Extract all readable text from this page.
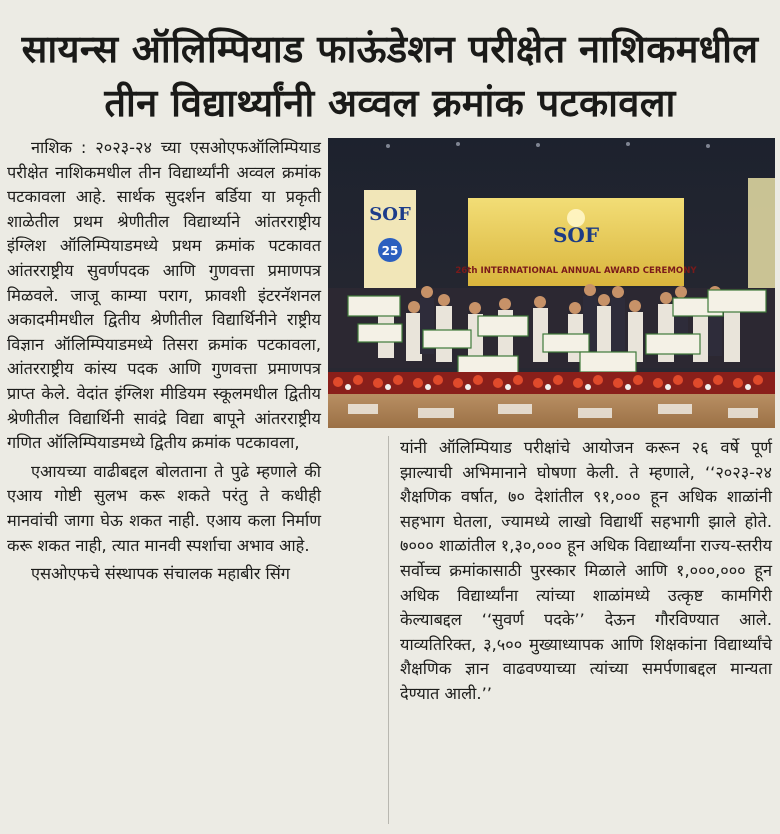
सायन्स ऑलिम्पियाड फाऊंडेशन परीक्षेत नाशिकमधील
तीन विद्यार्थ्यांनी अव्वल क्रमांक पटकावला

नाशिक : २०२३-२४ च्या एसओएफऑलिम्पियाड परीक्षेत नाशिकमधील तीन विद्यार्थ्यांनी अव्वल क्रमांक पटकावला आहे. सार्थक सुदर्शन बर्डिया या प्रकृती शाळेतील प्रथम श्रेणीतील विद्यार्थ्याने आंतरराष्ट्रीय इंग्लिश ऑलिम्पियाडमध्ये प्रथम क्रमांक पटकावत आंतरराष्ट्रीय सुवर्णपदक आणि गुणवत्ता प्रमाणपत्र मिळवले. जाजू काम्या पराग, फ्रावशी इंटरनॅशनल अकादमीमधील द्वितीय श्रेणीतील विद्यार्थिनीने राष्ट्रीय विज्ञान ऑलिम्पियाडमध्ये तिसरा क्रमांक पटकावला, आंतरराष्ट्रीय कांस्य पदक आणि गुणवत्ता प्रमाणपत्र प्राप्त केले. वेदांत इंग्लिश मीडियम स्कूलमधील द्वितीय श्रेणीतील विद्यार्थिनी सावंद्रे विद्या बापूने आंतरराष्ट्रीय गणित ऑलिम्पियाडमध्ये द्वितीय क्रमांक पटकावला,

एआयच्या वाढीबद्दल बोलताना ते पुढे म्हणाले की एआय गोष्टी सुलभ करू शकते परंतु ते कधीही मानवांची जागा घेऊ शकत नाही. एआय कला निर्माण करू शकत नाही, त्यात मानवी स्पर्शाचा अभाव आहे.

एसओएफचे संस्थापक संचालक महाबीर सिंग

यांनी ऑलिम्पियाड परीक्षांचे आयोजन करून २६ वर्षे पूर्ण झाल्याची अभिमानाने घोषणा केली. ते म्हणाले, ‘‘२०२३-२४ शैक्षणिक वर्षात, ७० देशांतील ९१,००० हून अधिक शाळांनी सहभाग घेतला, ज्यामध्ये लाखो विद्यार्थी सहभागी झाले होते. ७००० शाळांतील १,३०,००० हून अधिक विद्यार्थ्यांना राज्य-स्तरीय सर्वोच्च क्रमांकासाठी पुरस्कार मिळाले आणि १,०००,००० हून अधिक विद्यार्थ्यांना त्यांच्या शाळांमध्ये उत्कृष्ट कामगिरी केल्याबद्दल ‘‘सुवर्ण पदके’’ देऊन गौरविण्यात आले. याव्यतिरिक्त, ३,५०० मुख्याध्यापक आणि शिक्षकांना विद्यार्थ्यांचे शैक्षणिक ज्ञान वाढवण्याच्या त्यांच्या समर्पणाबद्दल मान्यता देण्यात आली.’’

SOF
25
SOF
26th INTERNATIONAL ANNUAL AWARD CEREMONY
